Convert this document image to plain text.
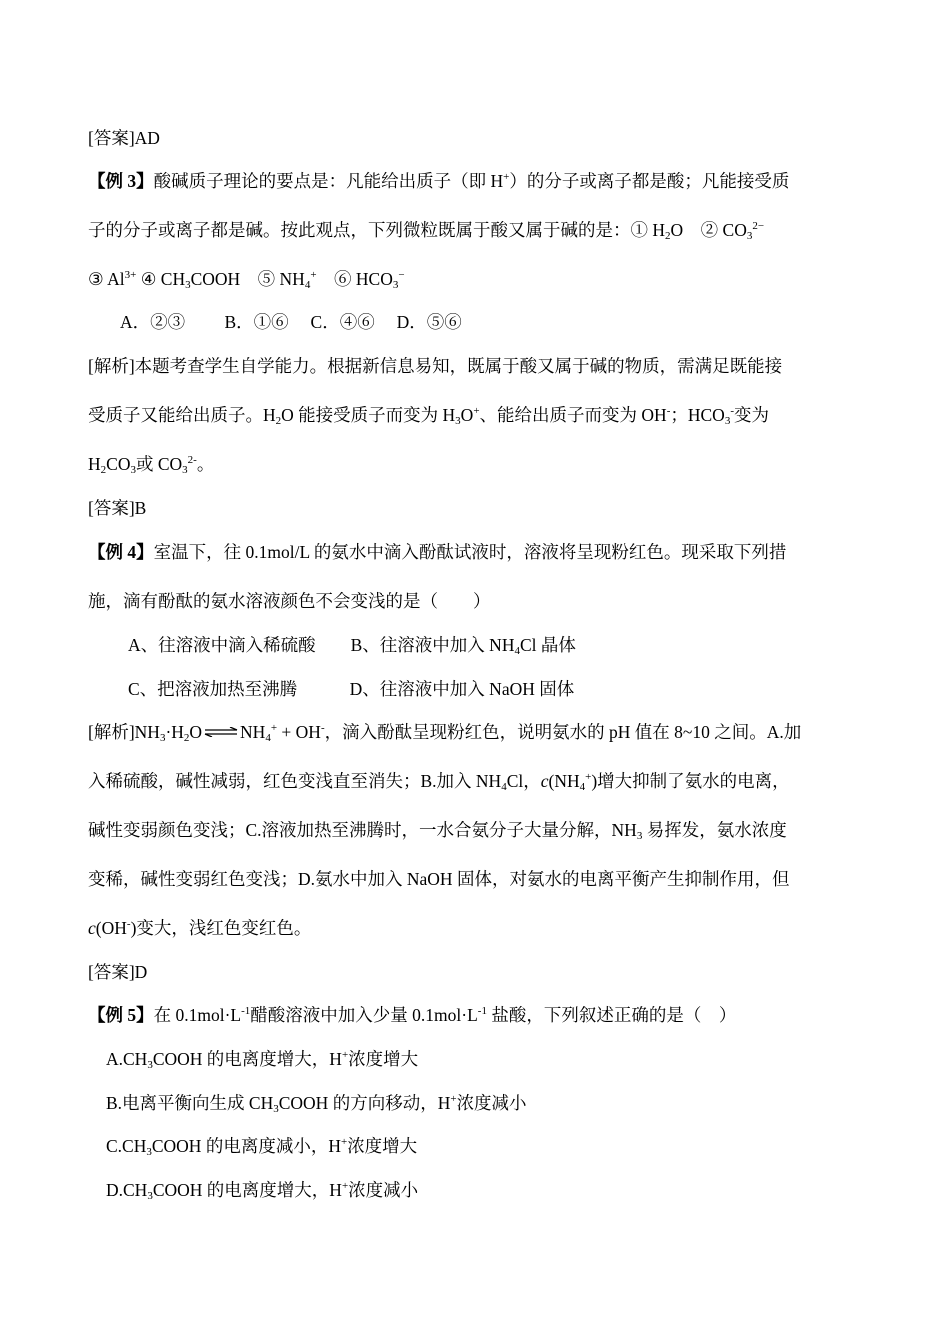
[答案]AD
【例 3】酸碱质子理论的要点是：凡能给出质子（即 H+）的分子或离子都是酸；凡能接受质
子的分子或离子都是碱。按此观点，下列微粒既属于酸又属于碱的是：① $H_2O$　② $CO_3^{2-}$
③ $Al^{3+}$ ④ $CH_3COOH$　⑤ $NH_4^+$　⑥ $HCO_3^-$
A．②③　　 B．①⑥　 C．④⑥　 D．⑤⑥
[解析]本题考查学生自学能力。根据新信息易知，既属于酸又属于碱的物质，需满足既能接
受质子又能给出质子。$H_2O$ 能接受质子而变为 $H_3O^+$、能给出质子而变为 OH-；$HCO_3^-$变为
$H_2CO_3$或 $CO_3^{2-}$。
[答案]B
【例 4】室温下，往 0.1mol/L 的氨水中滴入酚酞试液时，溶液将呈现粉红色。现采取下列措
施，滴有酚酞的氨水溶液颜色不会变浅的是（　　）
A、往溶液中滴入稀硫酸　　B、往溶液中加入 $NH_4Cl$ 晶体
C、把溶液加热至沸腾　　　D、往溶液中加入 NaOH 固体
[解析]$NH_3\cdot H_2O$ ⇌ $NH_4^+ + OH^-$，滴入酚酞呈现粉红色，说明氨水的 pH 值在 8~10 之间。A.加
入稀硫酸，碱性减弱，红色变浅直至消失；B.加入 $NH_4Cl$，$c(NH_4^+)$增大抑制了氨水的电离，
碱性变弱颜色变浅；C.溶液加热至沸腾时，一水合氨分子大量分解，$NH_3$ 易挥发，氨水浓度
变稀，碱性变弱红色变浅；D.氨水中加入 NaOH 固体，对氨水的电离平衡产生抑制作用，但
c(OH-)变大，浅红色变红色。
[答案]D
【例 5】在 $0.1mol\cdot L^{-1}$醋酸溶液中加入少量 $0.1mol\cdot L^{-1}$ 盐酸，下列叙述正确的是（　）
$A.CH_3COOH$ 的电离度增大，H+浓度增大
B.电离平衡向生成 $CH_3COOH$ 的方向移动，H+浓度减小
$C.CH_3COOH$ 的电离度减小，H+浓度增大
$D.CH_3COOH$ 的电离度增大，H+浓度减小
